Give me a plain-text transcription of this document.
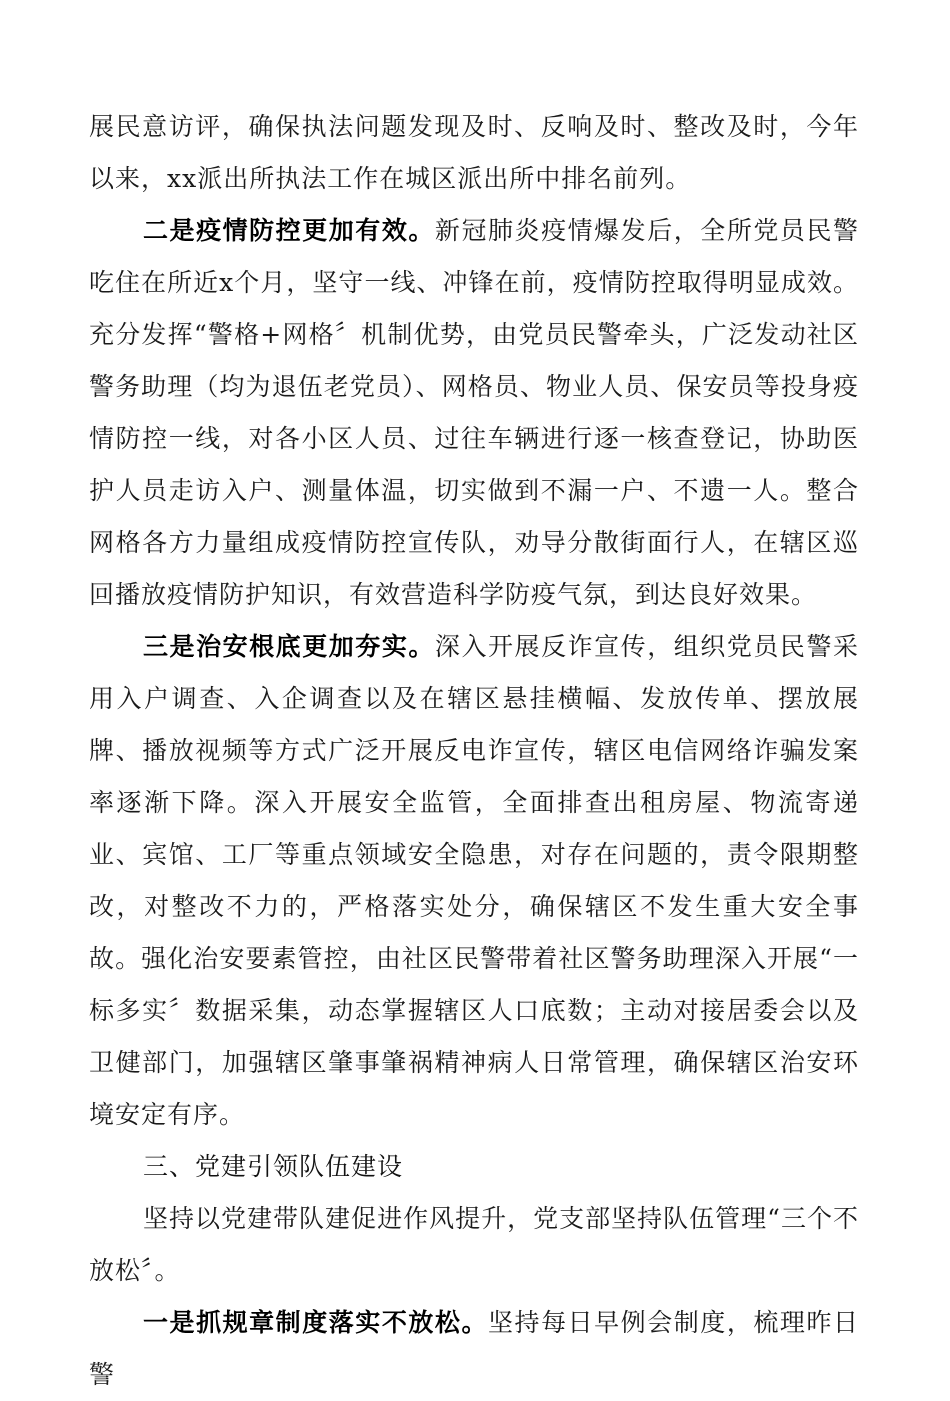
展民意访评，确保执法问题发现及时、反响及时、整改及时，今年以来，xx派出所执法工作在城区派出所中排名前列。

二是疫情防控更加有效。新冠肺炎疫情爆发后，全所党员民警吃住在所近x个月，坚守一线、冲锋在前，疫情防控取得明显成效。充分发挥“警格+网格〞机制优势，由党员民警牵头，广泛发动社区警务助理（均为退伍老党员）、网格员、物业人员、保安员等投身疫情防控一线，对各小区人员、过往车辆进行逐一核查登记，协助医护人员走访入户、测量体温，切实做到不漏一户、不遗一人。整合网格各方力量组成疫情防控宣传队，劝导分散街面行人，在辖区巡回播放疫情防护知识，有效营造科学防疫气氛，到达良好效果。

三是治安根底更加夯实。深入开展反诈宣传，组织党员民警采用入户调查、入企调查以及在辖区悬挂横幅、发放传单、摆放展牌、播放视频等方式广泛开展反电诈宣传，辖区电信网络诈骗发案率逐渐下降。深入开展安全监管，全面排查出租房屋、物流寄递业、宾馆、工厂等重点领域安全隐患，对存在问题的，责令限期整改，对整改不力的，严格落实处分，确保辖区不发生重大安全事故。强化治安要素管控，由社区民警带着社区警务助理深入开展“一标多实〞数据采集，动态掌握辖区人口底数；主动对接居委会以及卫健部门，加强辖区肇事肇祸精神病人日常管理，确保辖区治安环境安定有序。

三、党建引领队伍建设

坚持以党建带队建促进作风提升，党支部坚持队伍管理“三个不放松〞。

一是抓规章制度落实不放松。坚持每日早例会制度，梳理昨日警
